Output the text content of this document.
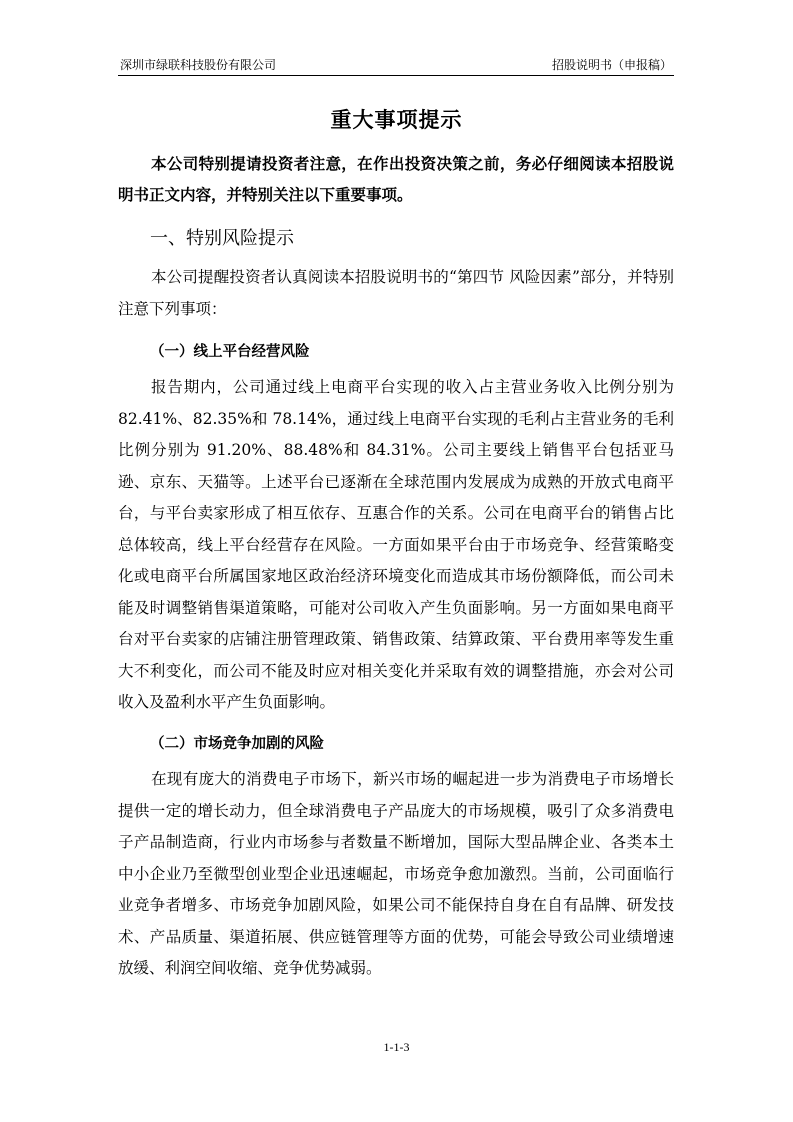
深圳市绿联科技股份有限公司	招股说明书（申报稿）
重大事项提示
本公司特别提请投资者注意，在作出投资决策之前，务必仔细阅读本招股说明书正文内容，并特别关注以下重要事项。
一、特别风险提示
本公司提醒投资者认真阅读本招股说明书的“第四节 风险因素”部分，并特别注意下列事项：
（一）线上平台经营风险
报告期内，公司通过线上电商平台实现的收入占主营业务收入比例分别为82.41%、82.35%和 78.14%，通过线上电商平台实现的毛利占主营业务的毛利比例分别为 91.20%、88.48%和 84.31%。公司主要线上销售平台包括亚马逊、京东、天猫等。上述平台已逐渐在全球范围内发展成为成熟的开放式电商平台，与平台卖家形成了相互依存、互惠合作的关系。公司在电商平台的销售占比总体较高，线上平台经营存在风险。一方面如果平台由于市场竞争、经营策略变化或电商平台所属国家地区政治经济环境变化而造成其市场份额降低，而公司未能及时调整销售渠道策略，可能对公司收入产生负面影响。另一方面如果电商平台对平台卖家的店铺注册管理政策、销售政策、结算政策、平台费用率等发生重大不利变化，而公司不能及时应对相关变化并采取有效的调整措施，亦会对公司收入及盈利水平产生负面影响。
（二）市场竞争加剧的风险
在现有庞大的消费电子市场下，新兴市场的崛起进一步为消费电子市场增长提供一定的增长动力，但全球消费电子产品庞大的市场规模，吸引了众多消费电子产品制造商，行业内市场参与者数量不断增加，国际大型品牌企业、各类本土中小企业乃至微型创业型企业迅速崛起，市场竞争愈加激烈。当前，公司面临行业竞争者增多、市场竞争加剧风险，如果公司不能保持自身在自有品牌、研发技术、产品质量、渠道拓展、供应链管理等方面的优势，可能会导致公司业绩增速放缓、利润空间收缩、竞争优势减弱。
1-1-3
